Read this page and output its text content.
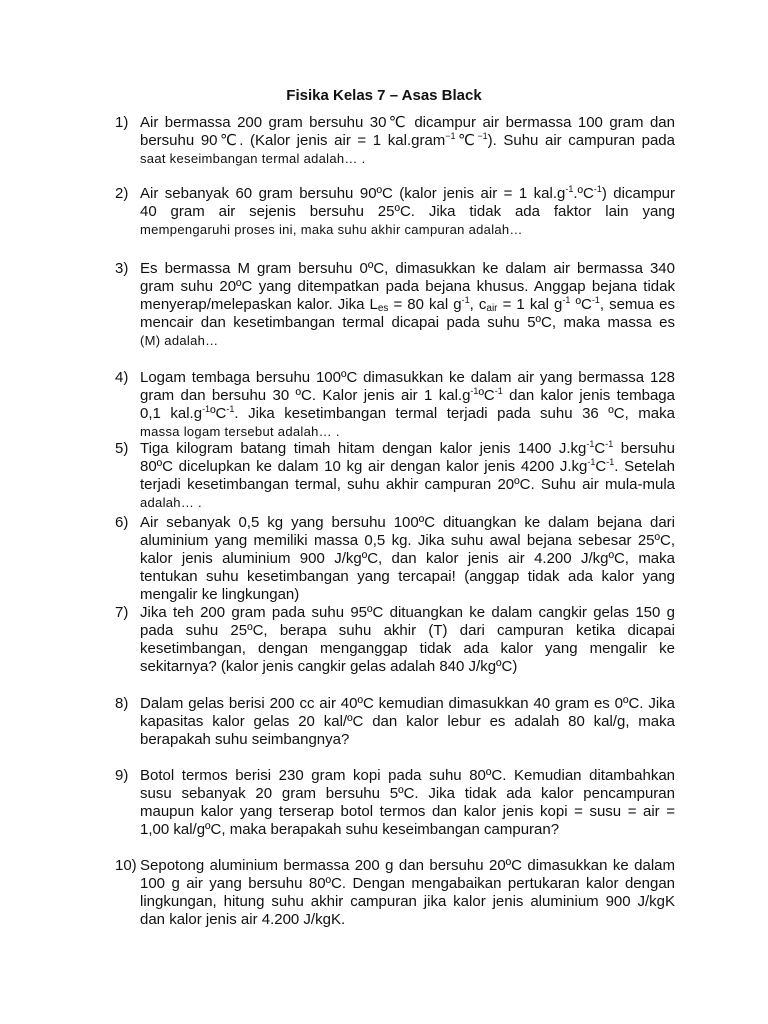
Fisika Kelas 7 – Asas Black
1) Air bermassa 200 gram bersuhu 30℃ dicampur air bermassa 100 gram dan
bersuhu 90℃. (Kalor jenis air = 1 kal.gram$^{-1}$℃$^{-1}$). Suhu air campuran pada
saat keseimbangan termal adalah… .
2) Air sebanyak 60 gram bersuhu 90ºC (kalor jenis air = 1 $kal.g^{-1}.ºC^{-1}$) dicampur
40 gram air sejenis bersuhu 25ºC. Jika tidak ada faktor lain yang
mempengaruhi proses ini, maka suhu akhir campuran adalah…
3) Es bermassa M gram bersuhu 0ºC, dimasukkan ke dalam air bermassa 340
gram suhu 20ºC yang ditempatkan pada bejana khusus. Anggap bejana tidak
menyerap/melepaskan kalor. Jika $L_{es} = 80$ kal $g^{-1}$, $c_{air} = 1$ kal $g^{-1}$ ºC$^{-1}$, semua es
mencair dan kesetimbangan termal dicapai pada suhu 5ºC, maka massa es
(M) adalah…
4) Logam tembaga bersuhu 100ºC dimasukkan ke dalam air yang bermassa 128
gram dan bersuhu 30 ºC. Kalor jenis air 1 $kal.g^{-1}ºC^{-1}$ dan kalor jenis tembaga
0,1 $kal.g^{-1}ºC^{-1}$. Jika kesetimbangan termal terjadi pada suhu 36 ºC, maka
massa logam tersebut adalah… .
5) Tiga kilogram batang timah hitam dengan kalor jenis 1400 $J.kg^{-1}C^{-1}$ bersuhu
80ºC dicelupkan ke dalam 10 kg air dengan kalor jenis 4200 $J.kg^{-1}C^{-1}$. Setelah
terjadi kesetimbangan termal, suhu akhir campuran 20ºC. Suhu air mula-mula
adalah… .
6) Air sebanyak 0,5 kg yang bersuhu 100ºC dituangkan ke dalam bejana dari
aluminium yang memiliki massa 0,5 kg. Jika suhu awal bejana sebesar 25ºC,
kalor jenis aluminium 900 J/kgºC, dan kalor jenis air 4.200 J/kgºC, maka
tentukan suhu kesetimbangan yang tercapai! (anggap tidak ada kalor yang
mengalir ke lingkungan)
7) Jika teh 200 gram pada suhu 95ºC dituangkan ke dalam cangkir gelas 150 g
pada suhu 25ºC, berapa suhu akhir (T) dari campuran ketika dicapai
kesetimbangan, dengan menganggap tidak ada kalor yang mengalir ke
sekitarnya? (kalor jenis cangkir gelas adalah 840 J/kgºC)
8) Dalam gelas berisi 200 cc air 40ºC kemudian dimasukkan 40 gram es 0ºC. Jika
kapasitas kalor gelas 20 kal/ºC dan kalor lebur es adalah 80 kal/g, maka
berapakah suhu seimbangnya?
9) Botol termos berisi 230 gram kopi pada suhu 80ºC. Kemudian ditambahkan
susu sebanyak 20 gram bersuhu 5ºC. Jika tidak ada kalor pencampuran
maupun kalor yang terserap botol termos dan kalor jenis kopi = susu = air =
1,00 kal/gºC, maka berapakah suhu keseimbangan campuran?
10) Sepotong aluminium bermassa 200 g dan bersuhu 20ºC dimasukkan ke dalam
100 g air yang bersuhu 80ºC. Dengan mengabaikan pertukaran kalor dengan
lingkungan, hitung suhu akhir campuran jika kalor jenis aluminium 900 J/kgK
dan kalor jenis air 4.200 J/kgK.
